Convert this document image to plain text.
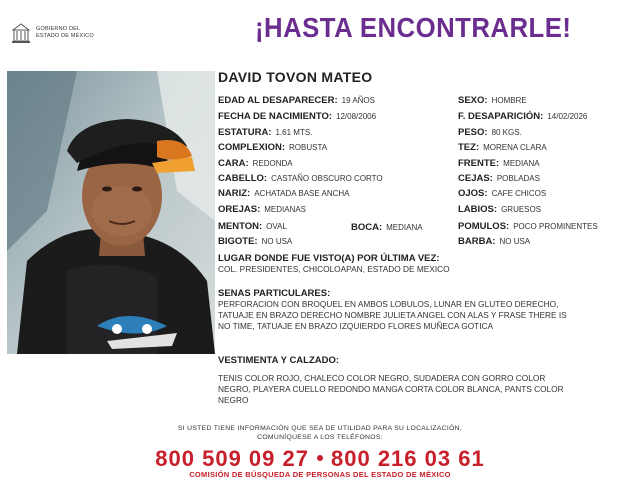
GOBIERNO DEL
ESTADO DE MÉXICO	¡HASTA ENCONTRARLE!
DAVID TOVON MATEO
EDAD AL DESAPARECER: 19 AÑOS
FECHA DE NACIMIENTO: 12/08/2006
ESTATURA: 1.61 MTS.
COMPLEXION: ROBUSTA
CARA: REDONDA
CABELLO: CASTAÑO OBSCURO CORTO
NARIZ: ACHATADA BASE ANCHA
OREJAS: MEDIANAS
MENTON: OVAL
BIGOTE: NO USA
BOCA: MEDIANA
SEXO: HOMBRE
F. DESAPARICIÓN: 14/02/2026
PESO: 80 KGS.
TEZ: MORENA CLARA
FRENTE: MEDIANA
CEJAS: POBLADAS
OJOS: CAFE CHICOS
LABIOS: GRUESOS
POMULOS: POCO PROMINENTES
BARBA: NO USA
LUGAR DONDE FUE VISTO(A) POR ÚLTIMA VEZ:
COL. PRESIDENTES, CHICOLOAPAN, ESTADO DE MEXICO
SENAS PARTICULARES:
PERFORACION CON BROQUEL EN AMBOS LOBULOS, LUNAR EN GLUTEO DERECHO,
TATUAJE EN BRAZO DERECHO NOMBRE JULIETA ANGEL CON ALAS Y FRASE THERE IS
NO TIME, TATUAJE EN BRAZO IZQUIERDO FLORES MUÑECA GOTICA
VESTIMENTA Y CALZADO:
TENIS COLOR ROJO, CHALECO COLOR NEGRO, SUDADERA CON GORRO COLOR
NEGRO, PLAYERA CUELLO REDONDO MANGA CORTA COLOR BLANCA, PANTS COLOR
NEGRO
SI USTED TIENE INFORMACIÓN QUE SEA DE UTILIDAD PARA SU LOCALIZACIÓN,
COMUNÍQUESE A LOS TELÉFONOS:
800 509 09 27 800 216 03 61
COMISIÓN DE BÚSQUEDA DE PERSONAS DEL ESTADO DE MÉXICO
